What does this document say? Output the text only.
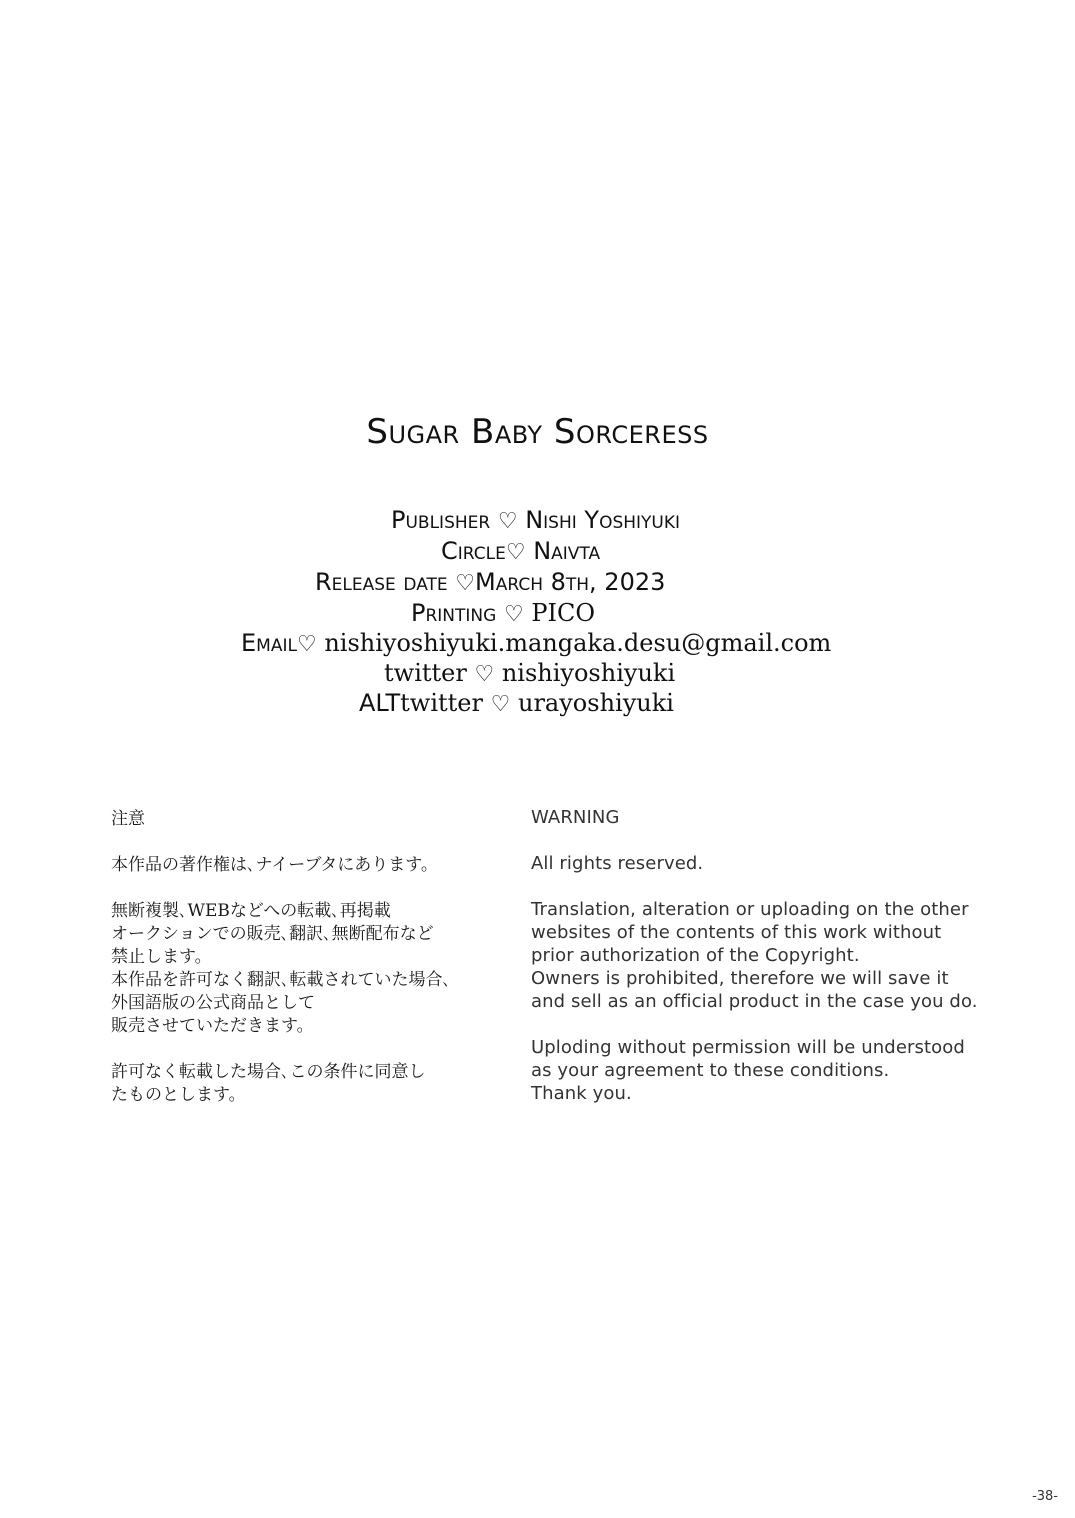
Sugar Baby Sorceress
Publisher ♡ Nishi Yoshiyuki
Circle♡ Naivta
Release date ♡March 8th, 2023
Printing ♡ PICO
Email♡ nishiyoshiyuki.mangaka.desu@gmail.com
twitter ♡ nishiyoshiyuki
ALTtwitter ♡ urayoshiyuki

注意

本作品の著作権は､ナイーブタにあります。

無断複製､WEBなどへの転載､再掲載
オークションでの販売､翻訳､無断配布など
禁止します。
本作品を許可なく翻訳､転載されていた場合､
外国語版の公式商品として
販売させていただきます。

許可なく転載した場合､この条件に同意し
たものとします。

WARNING

All rights reserved.

Translation, alteration or uploading on the other
websites of the contents of this work without
prior authorization of the Copyright.
Owners is prohibited, therefore we will save it
and sell as an official product in the case you do.

Uploding without permission will be understood
as your agreement to these conditions.
Thank you.

-38-
